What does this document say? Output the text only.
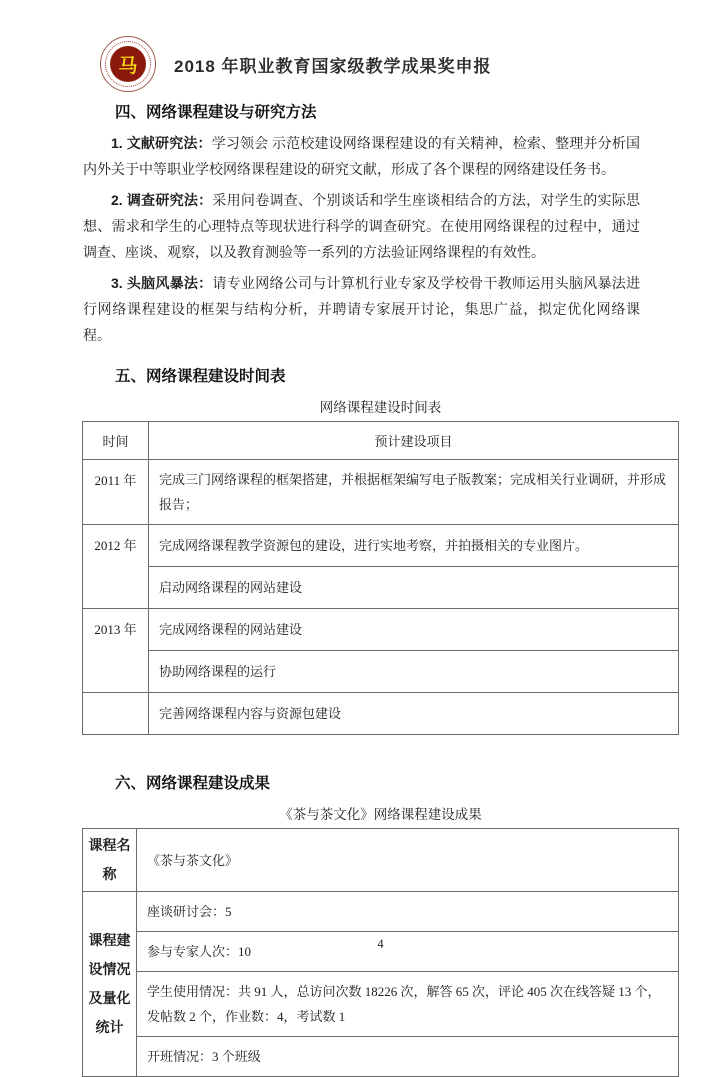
马	2018 年职业教育国家级教学成果奖申报
四、网络课程建设与研究方法

1. 文献研究法：学习领会 示范校建设网络课程建设的有关精神，检索、整理并分析国内外关于中等职业学校网络课程建设的研究文献，形成了各个课程的网络建设任务书。

2. 调查研究法：采用问卷调查、个别谈话和学生座谈相结合的方法，对学生的实际思想、需求和学生的心理特点等现状进行科学的调查研究。在使用网络课程的过程中，通过调查、座谈、观察，以及教育测验等一系列的方法验证网络课程的有效性。

3. 头脑风暴法：请专业网络公司与计算机行业专家及学校骨干教师运用头脑风暴法进行网络课程建设的框架与结构分析，并聘请专家展开讨论，集思广益，拟定优化网络课程。

五、网络课程建设时间表
网络课程建设时间表
时间	预计建设项目
2011 年	完成三门网络课程的框架搭建，并根据框架编写电子版教案；完成相关行业调研，并形成报告；
2012 年	完成网络课程教学资源包的建设，进行实地考察，并拍摄相关的专业图片。
	启动网络课程的网站建设
2013 年	完成网络课程的网站建设
	协助网络课程的运行
	完善网络课程内容与资源包建设
六、网络课程建设成果
《茶与茶文化》网络课程建设成果
课程名称	《茶与茶文化》
课程建设情况及量化统计	座谈研讨会：5
	参与专家人次：10
	学生使用情况：共 91 人，总访问次数 18226 次，解答 65 次，评论 405 次在线答疑 13 个，发帖数 2 个，作业数：4，考试数 1
	开班情况：3 个班级
4
